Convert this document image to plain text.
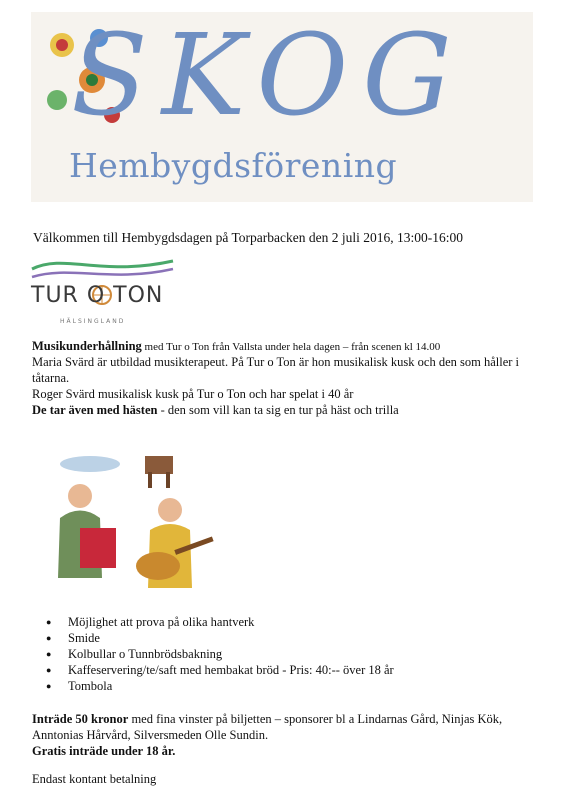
SKOG
Hembygdsförening
Välkommen till Hembygdsdagen på Torparbacken den 2 juli 2016, 13:00-16:00
TUR O TON
HÄLSINGLAND
Musikunderhållning med Tur o Ton från Vallsta under hela dagen – från scenen kl 14.00
Maria Svärd är utbildad musikterapeut. På Tur o Ton är hon musikalisk kusk och den som håller i
tåtarna.
Roger Svärd musikalisk kusk på Tur o Ton och har spelat i 40 år
De tar även med hästen - den som vill kan ta sig en tur på häst och trilla
● Möjlighet att prova på olika hantverk
● Smide
● Kolbullar o Tunnbrödsbakning
● Kaffeservering/te/saft med hembakat bröd - Pris: 40:-- över 18 år
● Tombola
Inträde 50 kronor med fina vinster på biljetten – sponsorer bl a Lindarnas Gård, Ninjas Kök,
Anntonias Hårvård, Silversmeden Olle Sundin.
Gratis inträde under 18 år.
Endast kontant betalning
